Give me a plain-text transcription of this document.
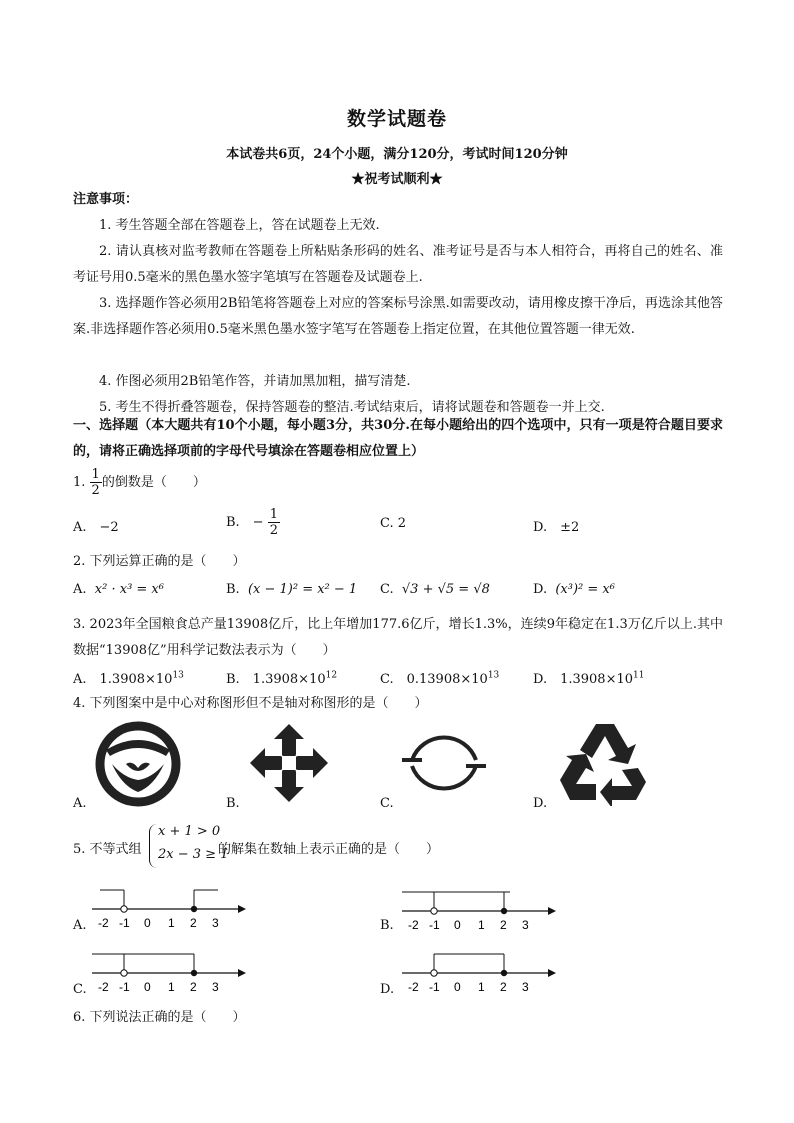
数学试题卷
本试卷共6页，24个小题，满分120分，考试时间120分钟
★祝考试顺利★
注意事项：
1. 考生答题全部在答题卷上，答在试题卷上无效.
2. 请认真核对监考教师在答题卷上所粘贴条形码的姓名、准考证号是否与本人相符合，再将自己的姓名、准考证号用0.5毫米的黑色墨水签字笔填写在答题卷及试题卷上.
3. 选择题作答必须用2B铅笔将答题卷上对应的答案标号涂黑.如需要改动，请用橡皮擦干净后，再选涂其他答案.非选择题作答必须用0.5毫米黑色墨水签字笔写在答题卷上指定位置，在其他位置答题一律无效.
4. 作图必须用2B铅笔作答，并请加黑加粗，描写清楚.
5. 考生不得折叠答题卷，保持答题卷的整洁.考试结束后，请将试题卷和答题卷一并上交.
一、选择题（本大题共有10个小题，每小题3分，共30分.在每小题给出的四个选项中，只有一项是符合题目要求的，请将正确选择项前的字母代号填涂在答题卷相应位置上）
1. $\frac{1}{2}$ 的倒数是（　　）
A.　−2	B.　− $\frac{1}{2}$	C. 2	D.　±2
2. 下列运算正确的是（　　）
A. x² · x³ = x⁶	B. (x − 1)² = x² − 1 C. √3 + √5 = √8	D. (x³)² = x⁶
3. 2023年全国粮食总产量13908亿斤，比上年增加177.6亿斤，增长1.3%，连续9年稳定在1.3万亿斤以上.其中数据“13908亿”用科学记数法表示为（　　）
A.　$1.3908\times 10^{13}$	B.　$1.3908\times 10^{12}$	C.　$0.13908\times 10^{13}$	D.　$1.3908\times 10^{11}$
4. 下列图案中是中心对称图形但不是轴对称图形的是（　　）
A.	B.	C.	D.
5. 不等式组
x + 1 > 0
2x − 3 ≥ 1
的解集在数轴上表示正确的是（　　）
-2 -1 0 1 2 3
A.	-2 -1 0 1 2 3
B.
-2 -1 0 1 2 3
C.	-2 -1 0 1 2 3
D.
6. 下列说法正确的是（　　）
